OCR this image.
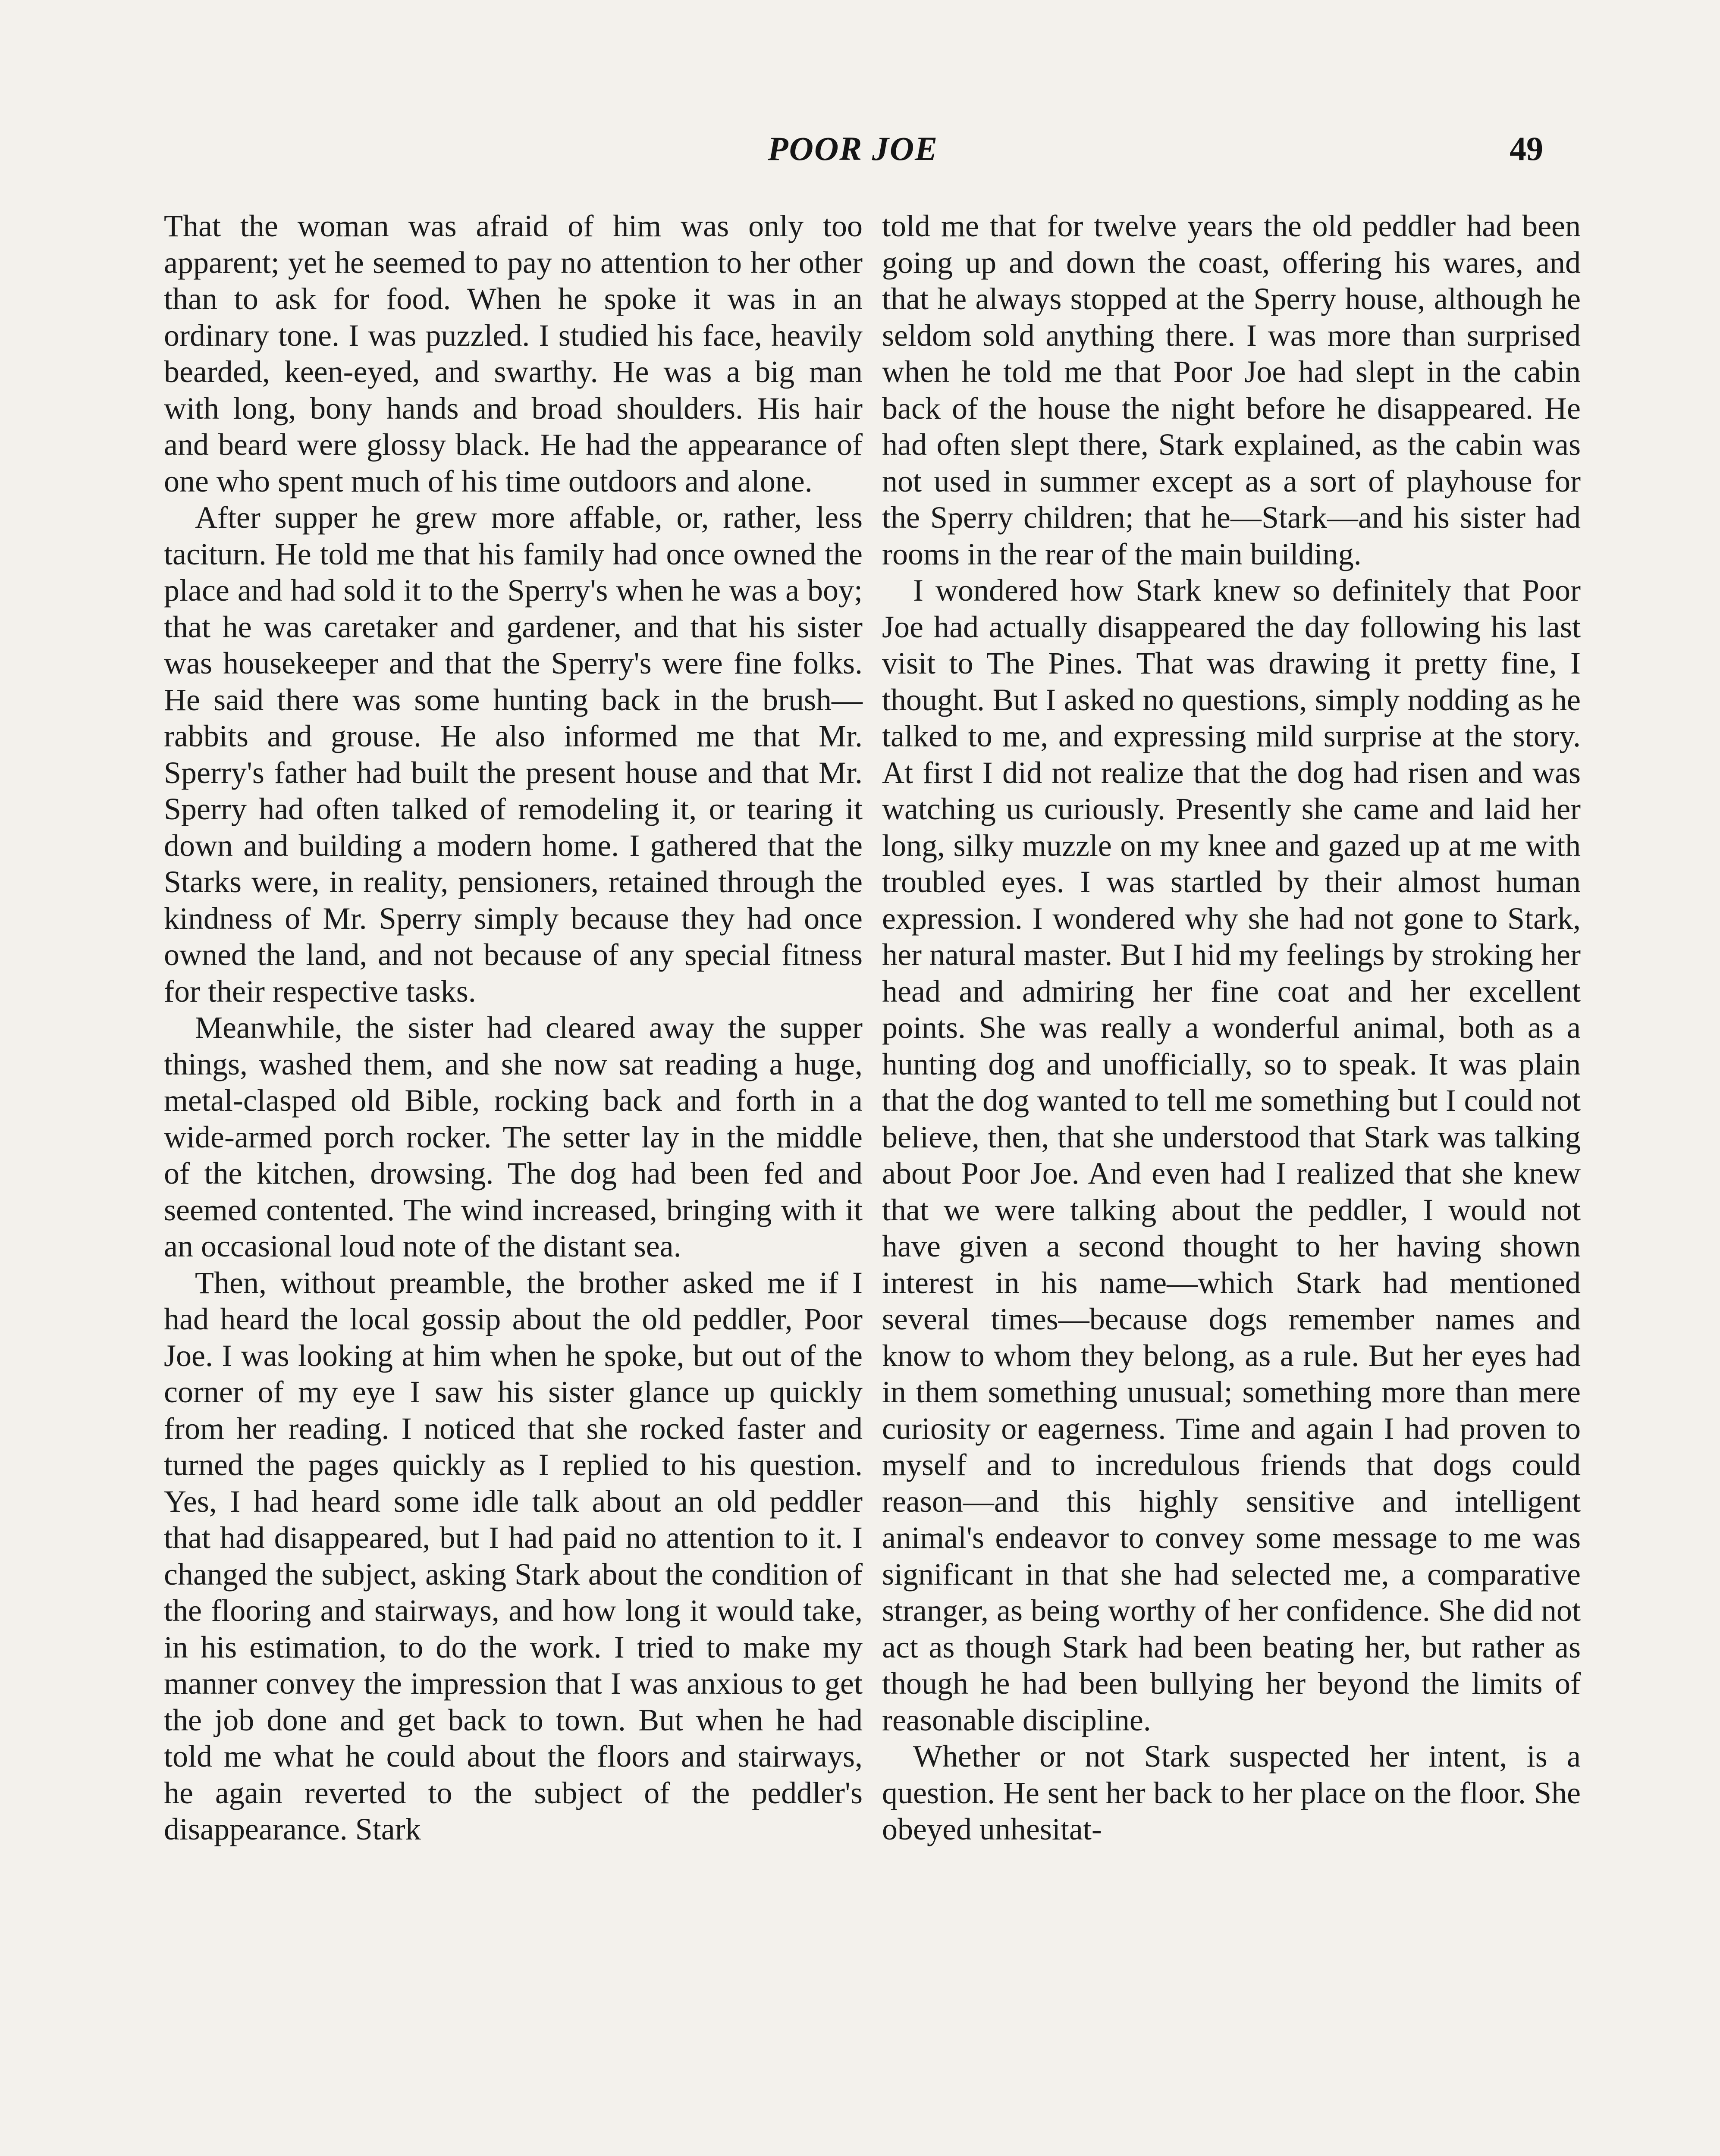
POOR JOE	49

That the woman was afraid of him was only too apparent; yet he seemed to pay no attention to her other than to ask for food. When he spoke it was in an ordinary tone. I was puzzled. I studied his face, heavily bearded, keen-eyed, and swarthy. He was a big man with long, bony hands and broad shoulders. His hair and beard were glossy black. He had the appearance of one who spent much of his time outdoors and alone.

After supper he grew more affable, or, rather, less taciturn. He told me that his family had once owned the place and had sold it to the Sperry's when he was a boy; that he was caretaker and gardener, and that his sister was housekeeper and that the Sperry's were fine folks. He said there was some hunting back in the brush—rabbits and grouse. He also informed me that Mr. Sperry's father had built the present house and that Mr. Sperry had often talked of remodeling it, or tearing it down and building a modern home. I gathered that the Starks were, in reality, pensioners, retained through the kindness of Mr. Sperry simply because they had once owned the land, and not because of any special fitness for their respective tasks.

Meanwhile, the sister had cleared away the supper things, washed them, and she now sat reading a huge, metal-clasped old Bible, rocking back and forth in a wide-armed porch rocker. The setter lay in the middle of the kitchen, drowsing. The dog had been fed and seemed contented. The wind increased, bringing with it an occasional loud note of the distant sea.

Then, without preamble, the brother asked me if I had heard the local gossip about the old peddler, Poor Joe. I was looking at him when he spoke, but out of the corner of my eye I saw his sister glance up quickly from her reading. I noticed that she rocked faster and turned the pages quickly as I replied to his question. Yes, I had heard some idle talk about an old peddler that had disappeared, but I had paid no attention to it. I changed the subject, asking Stark about the condition of the flooring and stairways, and how long it would take, in his estimation, to do the work. I tried to make my manner convey the impression that I was anxious to get the job done and get back to town. But when he had told me what he could about the floors and stairways, he again reverted to the subject of the peddler's disappearance. Stark

told me that for twelve years the old peddler had been going up and down the coast, offering his wares, and that he always stopped at the Sperry house, although he seldom sold anything there. I was more than surprised when he told me that Poor Joe had slept in the cabin back of the house the night before he disappeared. He had often slept there, Stark explained, as the cabin was not used in summer except as a sort of playhouse for the Sperry children; that he—Stark—and his sister had rooms in the rear of the main building.

I wondered how Stark knew so definitely that Poor Joe had actually disappeared the day following his last visit to The Pines. That was drawing it pretty fine, I thought. But I asked no questions, simply nodding as he talked to me, and expressing mild surprise at the story. At first I did not realize that the dog had risen and was watching us curiously. Presently she came and laid her long, silky muzzle on my knee and gazed up at me with troubled eyes. I was startled by their almost human expression. I wondered why she had not gone to Stark, her natural master. But I hid my feelings by stroking her head and admiring her fine coat and her excellent points. She was really a wonderful animal, both as a hunting dog and unofficially, so to speak. It was plain that the dog wanted to tell me something but I could not believe, then, that she understood that Stark was talking about Poor Joe. And even had I realized that she knew that we were talking about the peddler, I would not have given a second thought to her having shown interest in his name—which Stark had mentioned several times—because dogs remember names and know to whom they belong, as a rule. But her eyes had in them something unusual; something more than mere curiosity or eagerness. Time and again I had proven to myself and to incredulous friends that dogs could reason—and this highly sensitive and intelligent animal's endeavor to convey some message to me was significant in that she had selected me, a comparative stranger, as being worthy of her confidence. She did not act as though Stark had been beating her, but rather as though he had been bullying her beyond the limits of reasonable discipline.

Whether or not Stark suspected her intent, is a question. He sent her back to her place on the floor. She obeyed unhesitat-
